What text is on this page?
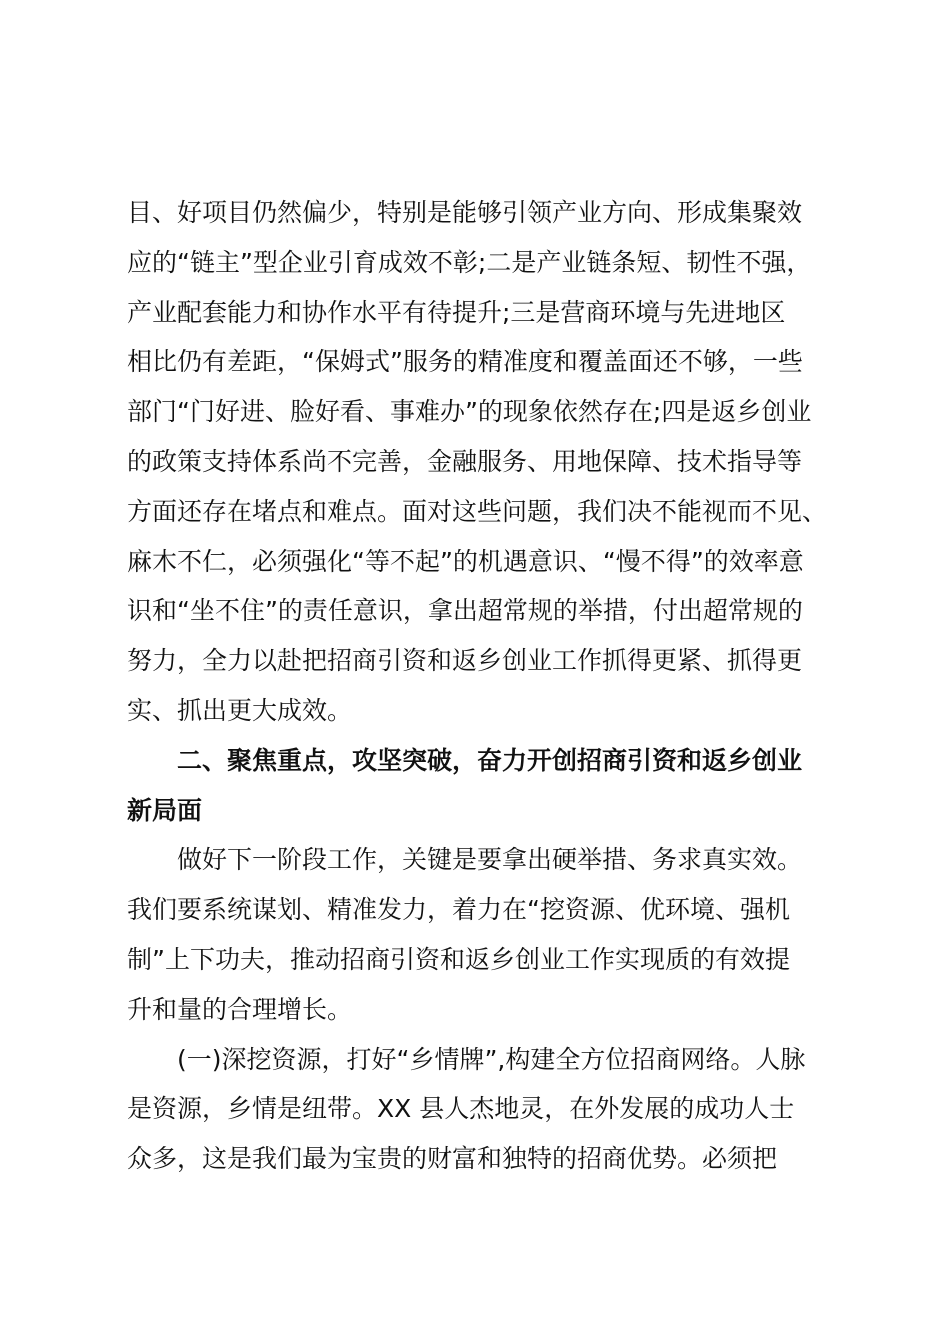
目、好项目仍然偏少，特别是能够引领产业方向、形成集聚效
应的“链主”型企业引育成效不彰;二是产业链条短、韧性不强，
产业配套能力和协作水平有待提升;三是营商环境与先进地区
相比仍有差距，“保姆式”服务的精准度和覆盖面还不够，一些
部门“门好进、脸好看、事难办”的现象依然存在;四是返乡创业
的政策支持体系尚不完善，金融服务、用地保障、技术指导等
方面还存在堵点和难点。面对这些问题，我们决不能视而不见、
麻木不仁，必须强化“等不起”的机遇意识、“慢不得”的效率意
识和“坐不住”的责任意识，拿出超常规的举措，付出超常规的
努力，全力以赴把招商引资和返乡创业工作抓得更紧、抓得更
实、抓出更大成效。
二、聚焦重点，攻坚突破，奋力开创招商引资和返乡创业
新局面
做好下一阶段工作，关键是要拿出硬举措、务求真实效。
我们要系统谋划、精准发力，着力在“挖资源、优环境、强机
制”上下功夫，推动招商引资和返乡创业工作实现质的有效提
升和量的合理增长。
(一)深挖资源，打好“乡情牌”,构建全方位招商网络。人脉
是资源，乡情是纽带。XX 县人杰地灵，在外发展的成功人士
众多，这是我们最为宝贵的财富和独特的招商优势。必须把
